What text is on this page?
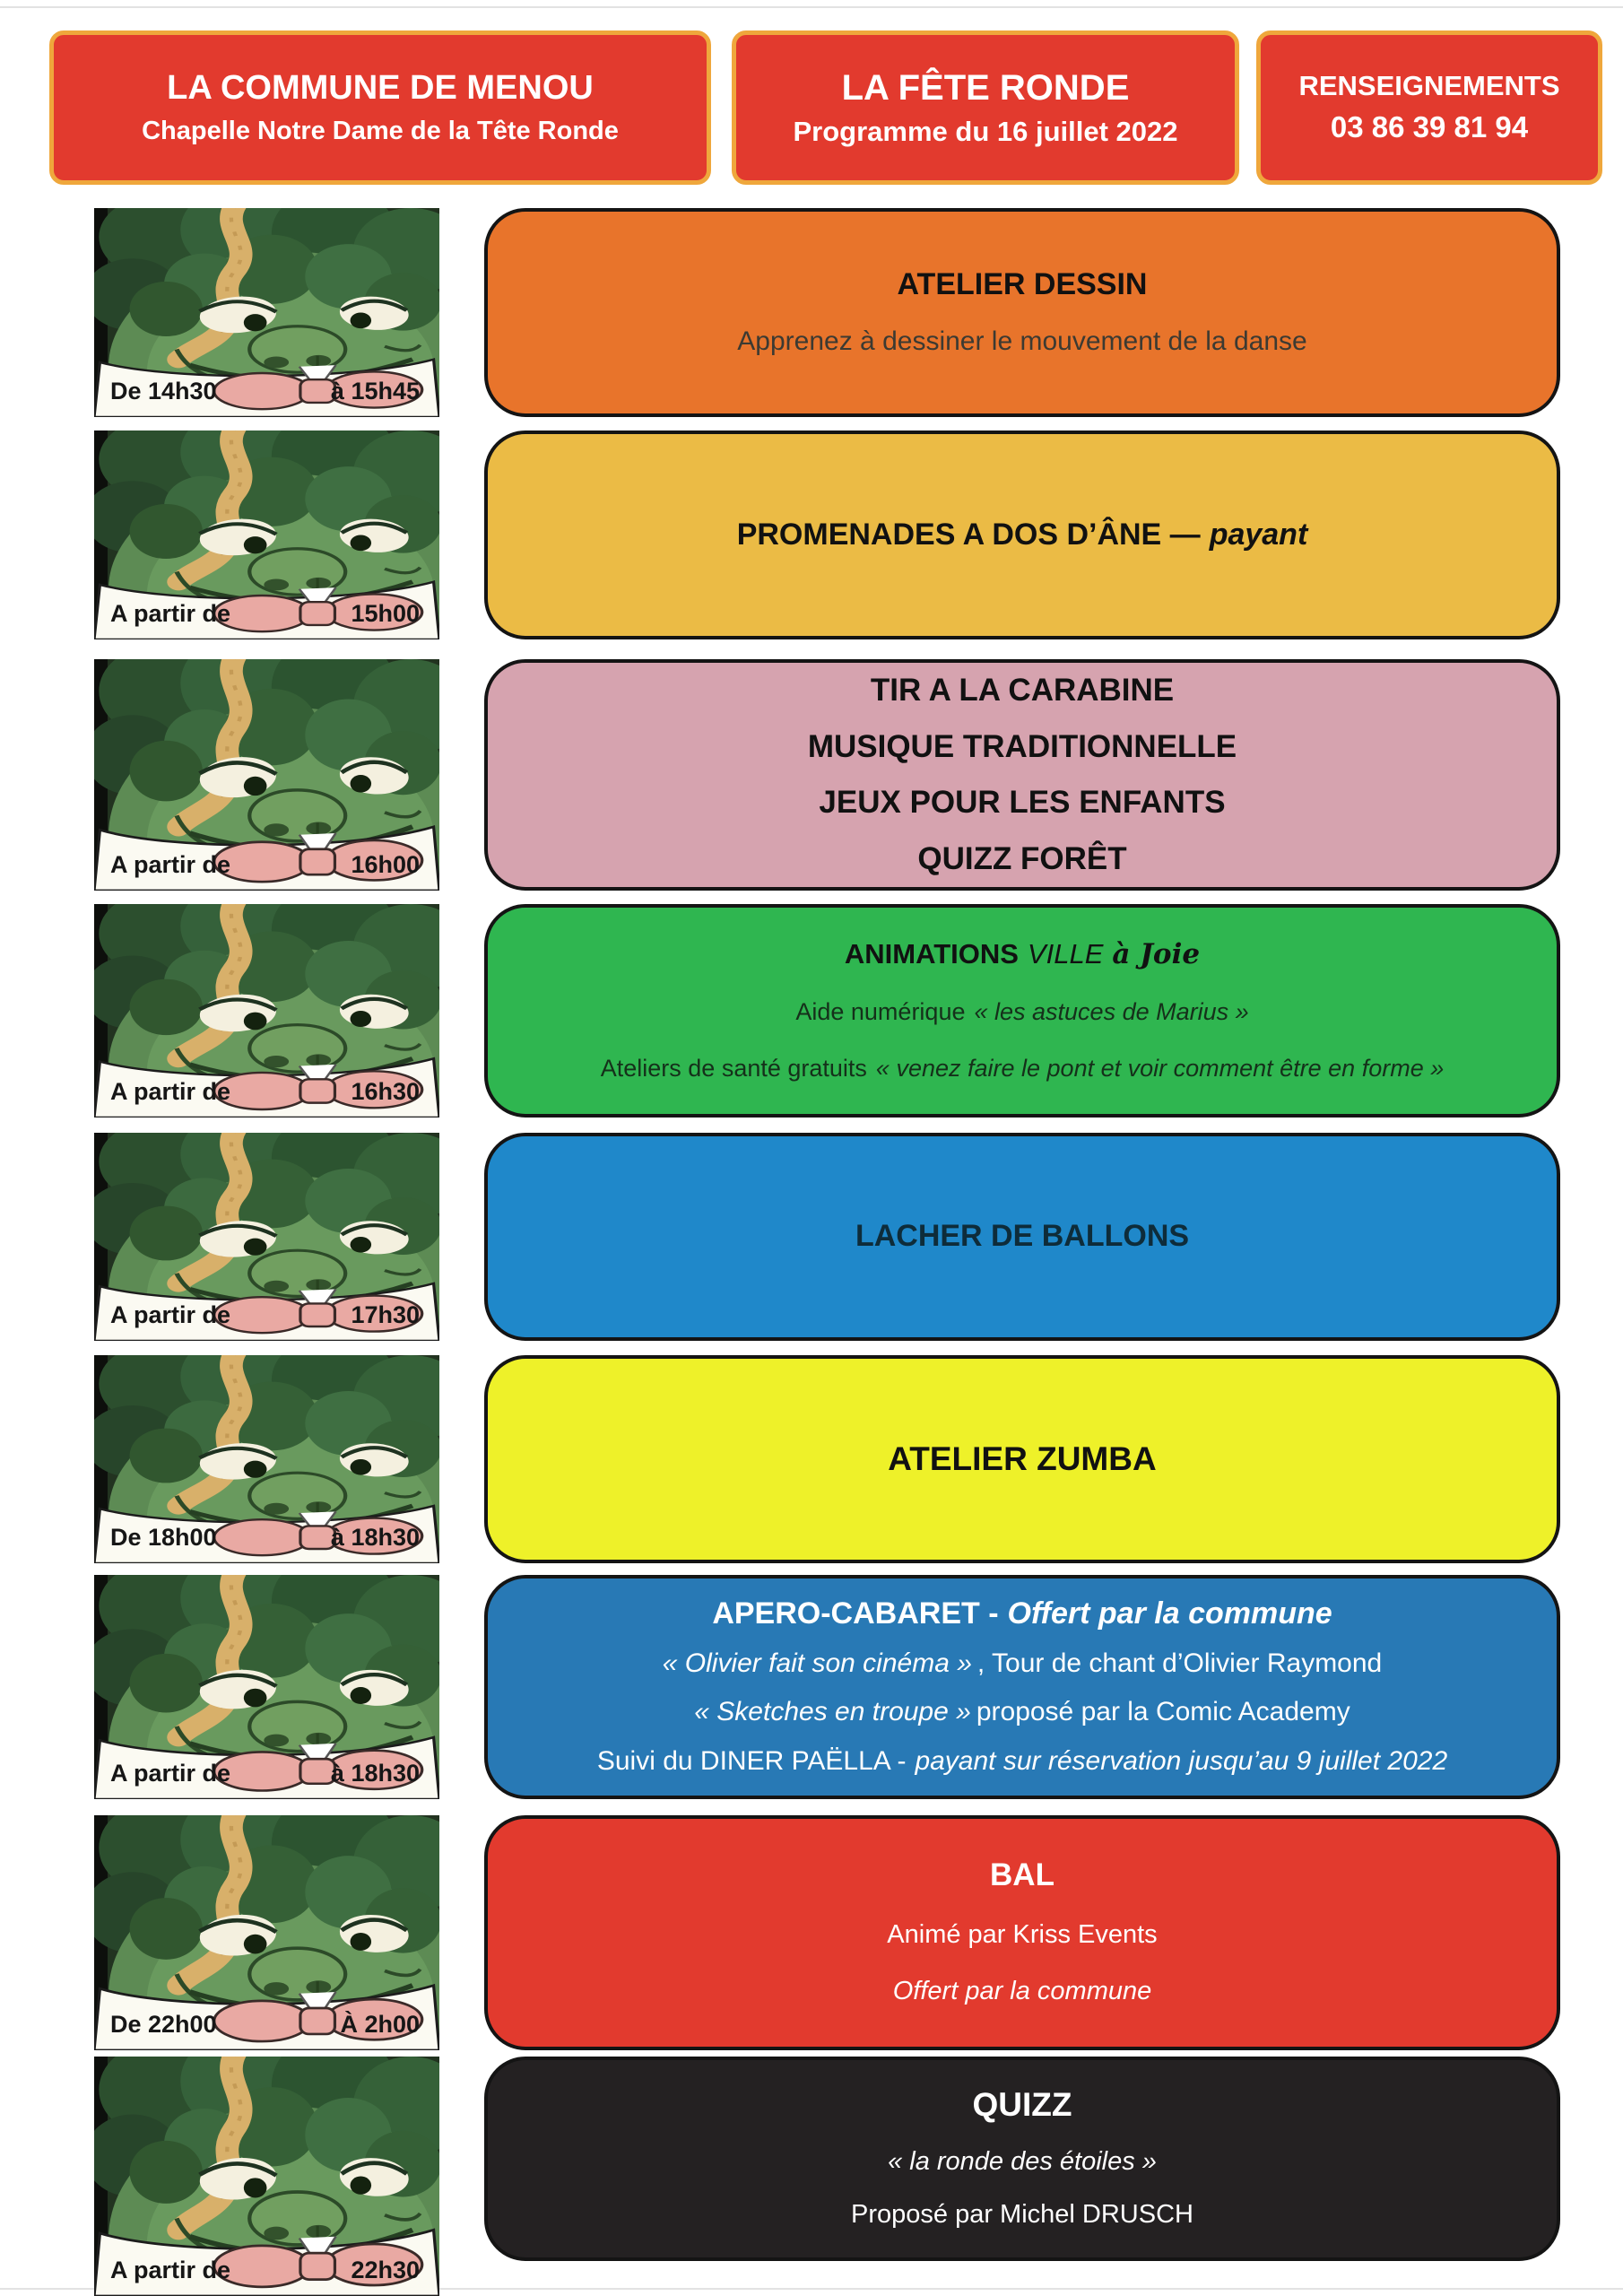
LA COMMUNE DE MENOU
Chapelle Notre Dame de la Tête Ronde
LA FÊTE RONDE
Programme du 16 juillet 2022
RENSEIGNEMENTS
03 86 39 81 94
De 14h30	à 15h45
ATELIER DESSIN
Apprenez à dessiner le mouvement de la danse
A partir de	15h00
PROMENADES A DOS D’ÂNE — payant
A partir de	16h00
TIR A LA CARABINE
MUSIQUE TRADITIONNELLE
JEUX POUR LES ENFANTS
QUIZZ FORÊT
A partir de	16h30
ANIMATIONS VILLE à Joie
Aide numérique « les astuces de Marius »
Ateliers de santé gratuits « venez faire le pont et voir comment être en forme »
A partir de	17h30
LACHER DE BALLONS
De 18h00	à 18h30
ATELIER ZUMBA
A partir de	à 18h30
APERO-CABARET - Offert par la commune
« Olivier fait son cinéma » , Tour de chant d’Olivier Raymond
« Sketches en troupe » proposé par la Comic Academy
Suivi du DINER PAËLLA - payant sur réservation jusqu’au 9 juillet 2022
De 22h00	À 2h00
BAL
Animé par Kriss Events
Offert par la commune
A partir de	22h30
QUIZZ
« la ronde des étoiles »
Proposé par Michel DRUSCH
